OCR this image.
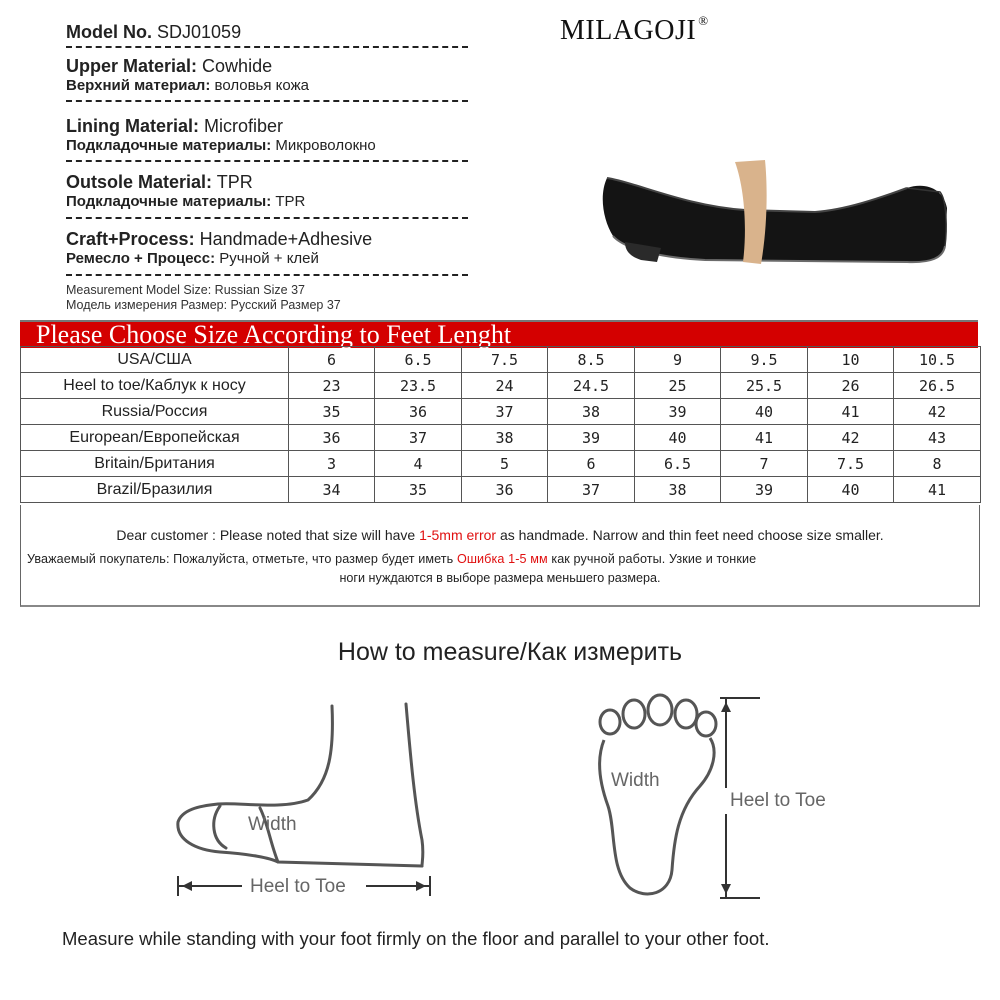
Model No. SDJ01059
Upper Material: Cowhide
Верхний материал: воловья кожа
Lining Material: Microfiber
Подкладочные материалы: Микроволокно
Outsole Material: TPR
Подкладочные материалы: TPR
Craft+Process: Handmade+Adhesive
Ремесло + Процесс: Ручной + клей
Measurement Model Size: Russian Size 37
Модель измерения Размер: Русский Размер 37
MILAGOJI ®
Please Choose Size According to Feet Lenght
USA/США	6	6.5	7.5	8.5	9	9.5	10	10.5
Heel to toe/Каблук к носу	23	23.5	24	24.5	25	25.5	26	26.5
Russia/Россия	35	36	37	38	39	40	41	42
European/Европейская	36	37	38	39	40	41	42	43
Britain/Британия	3	4	5	6	6.5	7	7.5	8
Brazil/Бразилия	34	35	36	37	38	39	40	41
Dear customer : Please noted that size will have 1-5mm error as handmade. Narrow and thin feet need choose size smaller.
Уважаемый покупатель: Пожалуйста, отметьте, что размер будет иметь Ошибка 1-5 мм как ручной работы. Узкие и тонкие
ноги нуждаются в выборе размера меньшего размера.
How to measure/Как измерить
Width
Heel to Toe
Width
Heel to Toe
Measure while standing with your foot firmly on the floor and parallel to your other foot.
